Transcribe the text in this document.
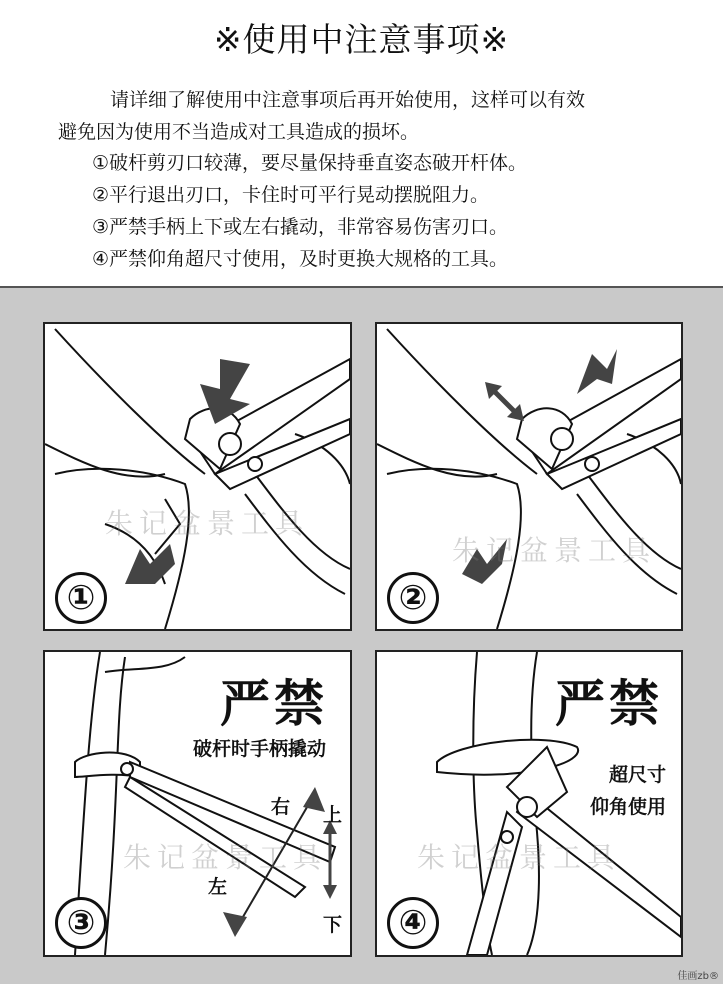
※使用中注意事项※
请详细了解使用中注意事项后再开始使用，这样可以有效
避免因为使用不当造成对工具造成的损坏。
①破杆剪刃口较薄，要尽量保持垂直姿态破开杆体。
②平行退出刃口，卡住时可平行晃动摆脱阻力。
③严禁手柄上下或左右撬动，非常容易伤害刃口。
④严禁仰角超尺寸使用，及时更换大规格的工具。
朱记盆景工具
①
朱记盆景工具
②
严禁
破杆时手柄撬动
右 上
左
下
朱记盆景工具
③
严禁
超尺寸
仰角使用
朱记盆景工具
④
佳画zb®
